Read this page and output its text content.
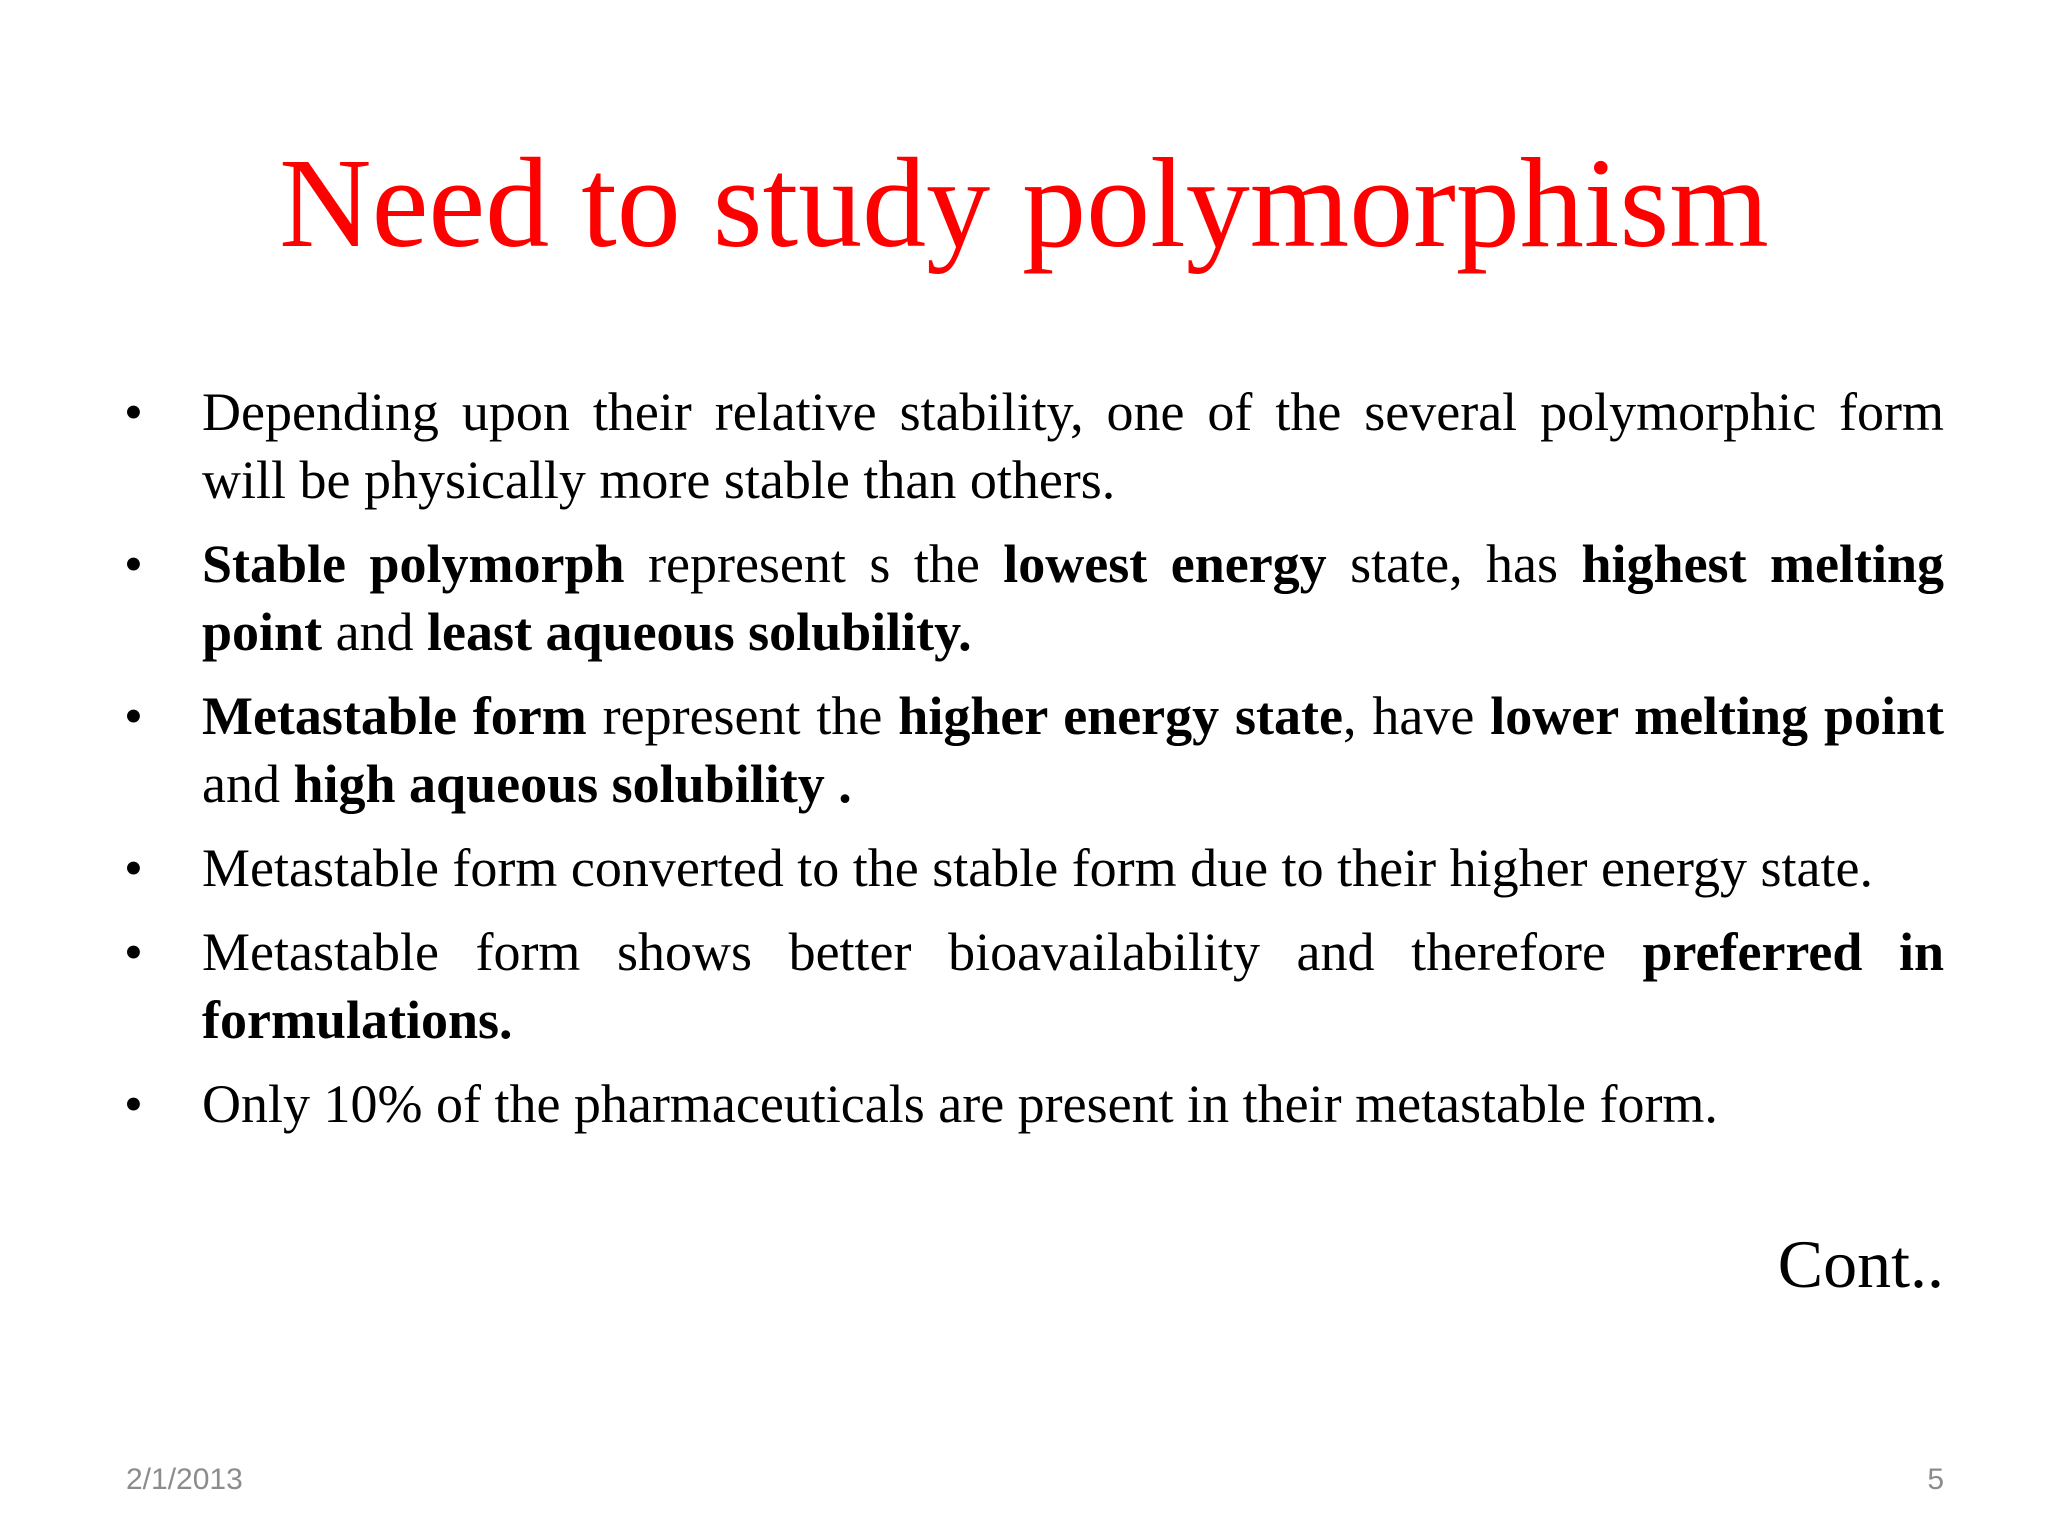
Need to study polymorphism
•	Depending upon their relative stability, one of the several polymorphic form will be physically more stable than others.
•	Stable polymorph represent s the lowest energy state, has highest melting point and least aqueous solubility.
•	Metastable form represent the higher energy state, have lower melting point and high aqueous solubility .
•	Metastable form converted to the stable form due to their higher energy state.
•	Metastable form shows better bioavailability and therefore preferred in formulations.
•	Only 10% of the pharmaceuticals are present in their metastable form.
Cont..
2/1/2013	5
